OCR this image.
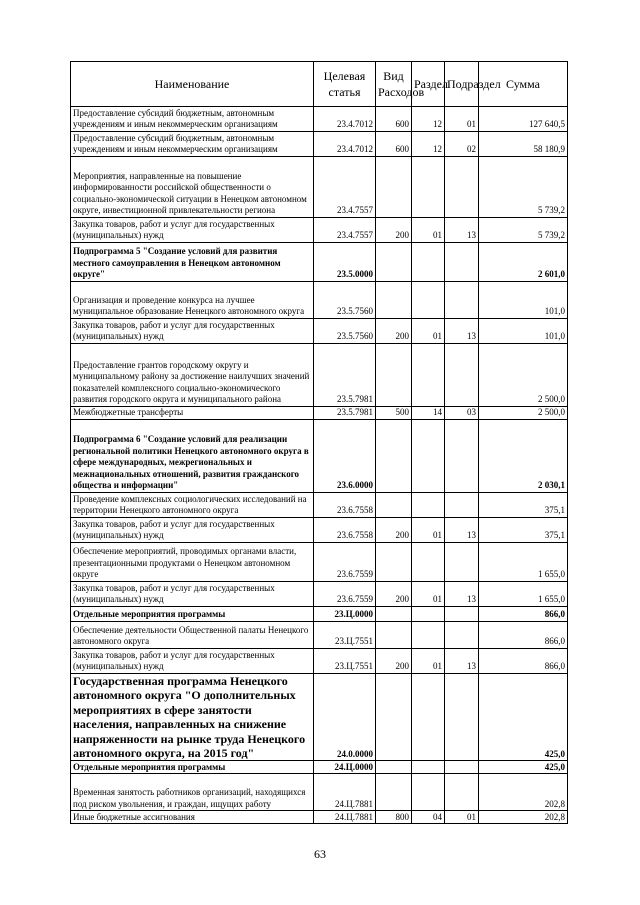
Наименование	Целевая статья	Вид Расходов	Раздел	Подраздел	Сумма
Предоставление субсидий бюджетным, автономным учреждениям и иным некоммерческим организациям	23.4.7012	600	12	01	127 640,5
Предоставление субсидий бюджетным, автономным учреждениям и иным некоммерческим организациям	23.4.7012	600	12	02	58 180,9
Мероприятия, направленные на повышение информированности российской общественности о социально-экономической ситуации в Ненецком автономном округе, инвестиционной привлекательности региона	23.4.7557				5 739,2
Закупка товаров, работ и услуг для государственных (муниципальных) нужд	23.4.7557	200	01	13	5 739,2
Подпрограмма 5 "Создание условий для развития местного самоуправления в Ненецком автономном округе"	23.5.0000				2 601,0
Организация и проведение конкурса на лучшее муниципальное образование Ненецкого автономного округа	23.5.7560				101,0
Закупка товаров, работ и услуг для государственных (муниципальных) нужд	23.5.7560	200	01	13	101,0
Предоставление грантов городскому округу и муниципальному району за достижение наилучших значений показателей комплексного социально-экономического развития городского округа и муниципального района	23.5.7981				2 500,0
Межбюджетные трансферты	23.5.7981	500	14	03	2 500,0
Подпрограмма 6 "Создание условий для реализации региональной политики Ненецкого автономного округа в сфере международных, межрегиональных и межнациональных отношений, развития гражданского общества и информации"	23.6.0000				2 030,1
Проведение комплексных социологических исследований на территории Ненецкого автономного округа	23.6.7558				375,1
Закупка товаров, работ и услуг для государственных (муниципальных) нужд	23.6.7558	200	01	13	375,1
Обеспечение мероприятий, проводимых органами власти, презентационными продуктами о Ненецком автономном округе	23.6.7559				1 655,0
Закупка товаров, работ и услуг для государственных (муниципальных) нужд	23.6.7559	200	01	13	1 655,0
Отдельные мероприятия программы	23.Ц.0000				866,0
Обеспечение деятельности Общественной палаты Ненецкого автономного округа	23.Ц.7551				866,0
Закупка товаров, работ и услуг для государственных (муниципальных) нужд	23.Ц.7551	200	01	13	866,0
Государственная программа Ненецкого автономного округа "О дополнительных мероприятиях в сфере занятости населения, направленных на снижение напряженности на рынке труда Ненецкого автономного округа, на 2015 год"	24.0.0000				425,0
Отдельные мероприятия программы	24.Ц.0000				425,0
Временная занятость работников организаций, находящихся под риском увольнения, и граждан, ищущих работу	24.Ц.7881				202,8
Иные бюджетные ассигнования	24.Ц.7881	800	04	01	202,8
63
